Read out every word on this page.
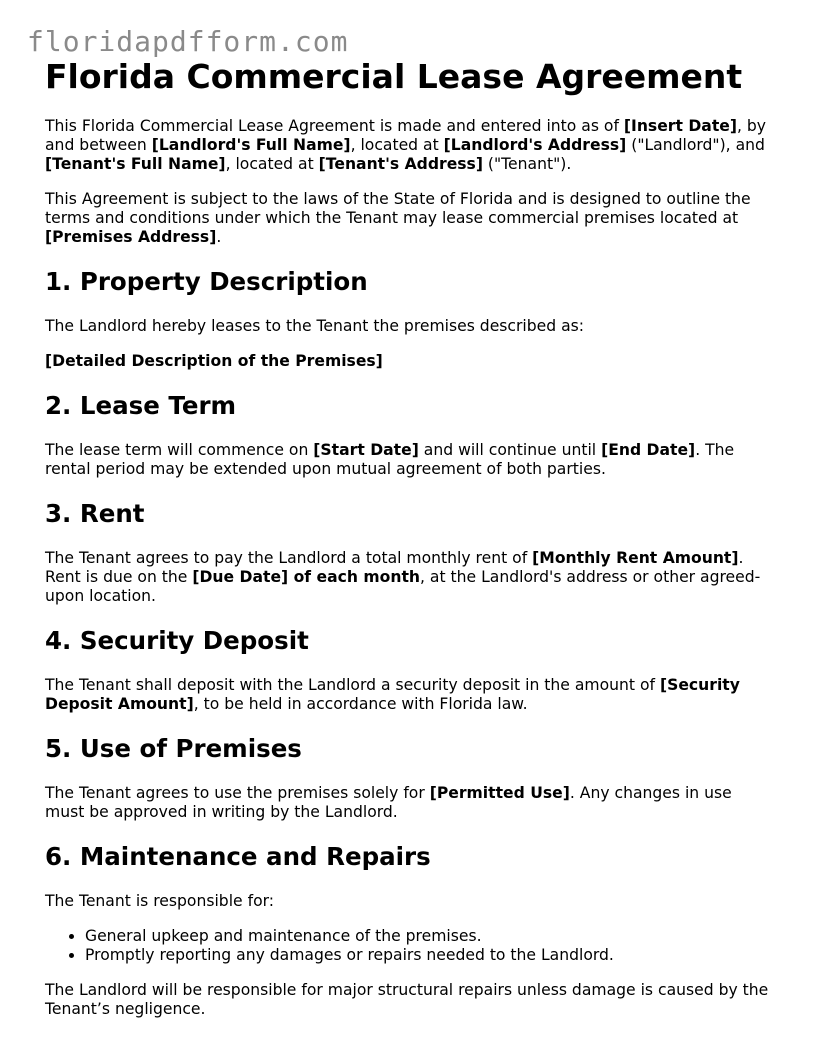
floridapdfform.com
Florida Commercial Lease Agreement

This Florida Commercial Lease Agreement is made and entered into as of [Insert Date], by and between [Landlord's Full Name], located at [Landlord's Address] ("Landlord"), and [Tenant's Full Name], located at [Tenant's Address] ("Tenant").

This Agreement is subject to the laws of the State of Florida and is designed to outline the terms and conditions under which the Tenant may lease commercial premises located at [Premises Address].

1. Property Description

The Landlord hereby leases to the Tenant the premises described as:

[Detailed Description of the Premises]

2. Lease Term

The lease term will commence on [Start Date] and will continue until [End Date]. The rental period may be extended upon mutual agreement of both parties.

3. Rent

The Tenant agrees to pay the Landlord a total monthly rent of [Monthly Rent Amount]. Rent is due on the [Due Date] of each month, at the Landlord's address or other agreed-upon location.

4. Security Deposit

The Tenant shall deposit with the Landlord a security deposit in the amount of [Security Deposit Amount], to be held in accordance with Florida law.

5. Use of Premises

The Tenant agrees to use the premises solely for [Permitted Use]. Any changes in use must be approved in writing by the Landlord.

6. Maintenance and Repairs

The Tenant is responsible for:

• General upkeep and maintenance of the premises.
• Promptly reporting any damages or repairs needed to the Landlord.

The Landlord will be responsible for major structural repairs unless damage is caused by the Tenant’s negligence.
